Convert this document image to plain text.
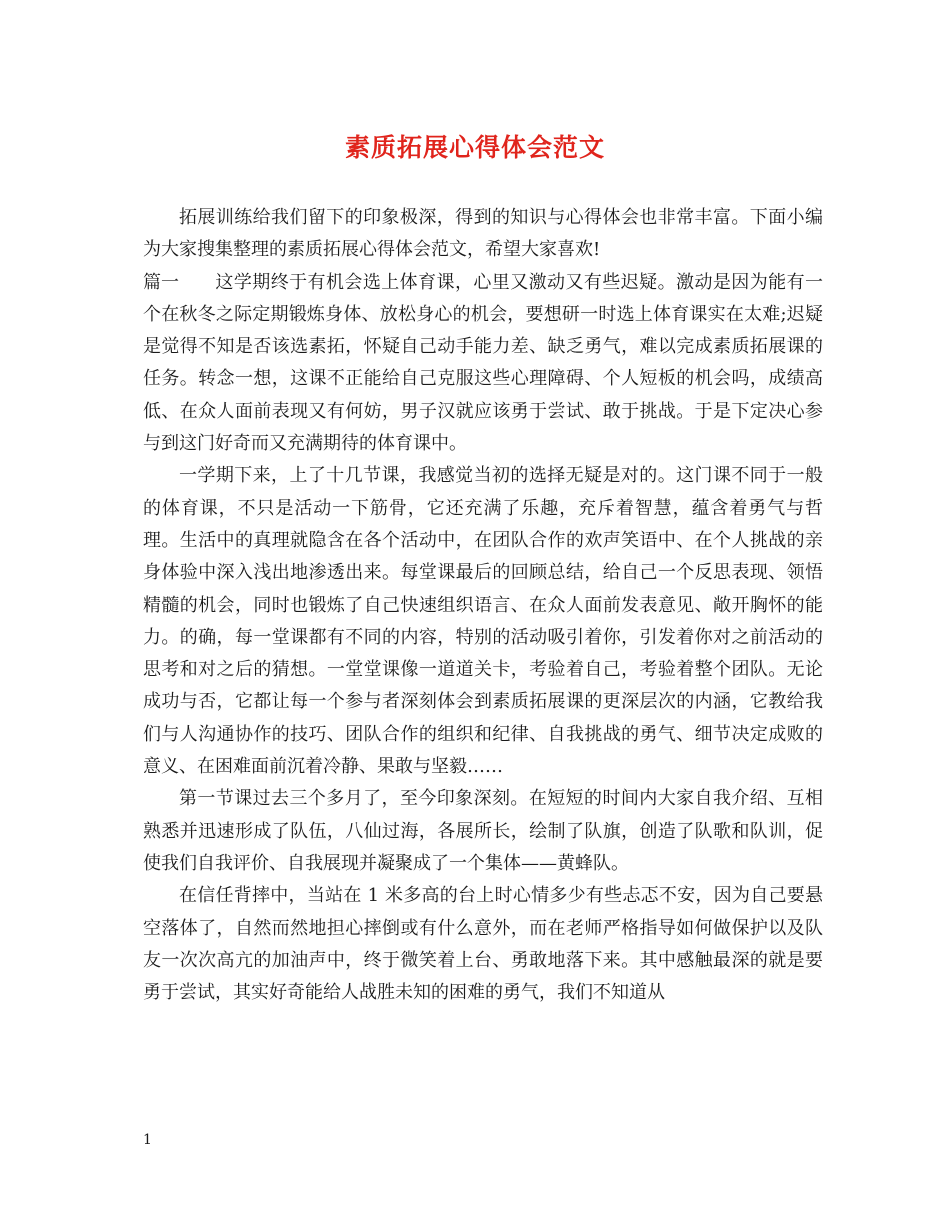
素质拓展心得体会范文

拓展训练给我们留下的印象极深，得到的知识与心得体会也非常丰富。下面小编为大家搜集整理的素质拓展心得体会范文，希望大家喜欢!

篇一 这学期终于有机会选上体育课，心里又激动又有些迟疑。激动是因为能有一个在秋冬之际定期锻炼身体、放松身心的机会，要想研一时选上体育课实在太难;迟疑是觉得不知是否该选素拓，怀疑自己动手能力差、缺乏勇气，难以完成素质拓展课的任务。转念一想，这课不正能给自己克服这些心理障碍、个人短板的机会吗，成绩高低、在众人面前表现又有何妨，男子汉就应该勇于尝试、敢于挑战。于是下定决心参与到这门好奇而又充满期待的体育课中。

一学期下来，上了十几节课，我感觉当初的选择无疑是对的。这门课不同于一般的体育课，不只是活动一下筋骨，它还充满了乐趣，充斥着智慧，蕴含着勇气与哲理。生活中的真理就隐含在各个活动中，在团队合作的欢声笑语中、在个人挑战的亲身体验中深入浅出地渗透出来。每堂课最后的回顾总结，给自己一个反思表现、领悟精髓的机会，同时也锻炼了自己快速组织语言、在众人面前发表意见、敞开胸怀的能力。的确，每一堂课都有不同的内容，特别的活动吸引着你，引发着你对之前活动的思考和对之后的猜想。一堂堂课像一道道关卡，考验着自己，考验着整个团队。无论成功与否，它都让每一个参与者深刻体会到素质拓展课的更深层次的内涵，它教给我们与人沟通协作的技巧、团队合作的组织和纪律、自我挑战的勇气、细节决定成败的意义、在困难面前沉着冷静、果敢与坚毅……

第一节课过去三个多月了，至今印象深刻。在短短的时间内大家自我介绍、互相熟悉并迅速形成了队伍，八仙过海，各展所长，绘制了队旗，创造了队歌和队训，促使我们自我评价、自我展现并凝聚成了一个集体——黄蜂队。

在信任背摔中，当站在 1 米多高的台上时心情多少有些忐忑不安，因为自己要悬空落体了，自然而然地担心摔倒或有什么意外，而在老师严格指导如何做保护以及队友一次次高亢的加油声中，终于微笑着上台、勇敢地落下来。其中感触最深的就是要勇于尝试，其实好奇能给人战胜未知的困难的勇气，我们不知道从

1
